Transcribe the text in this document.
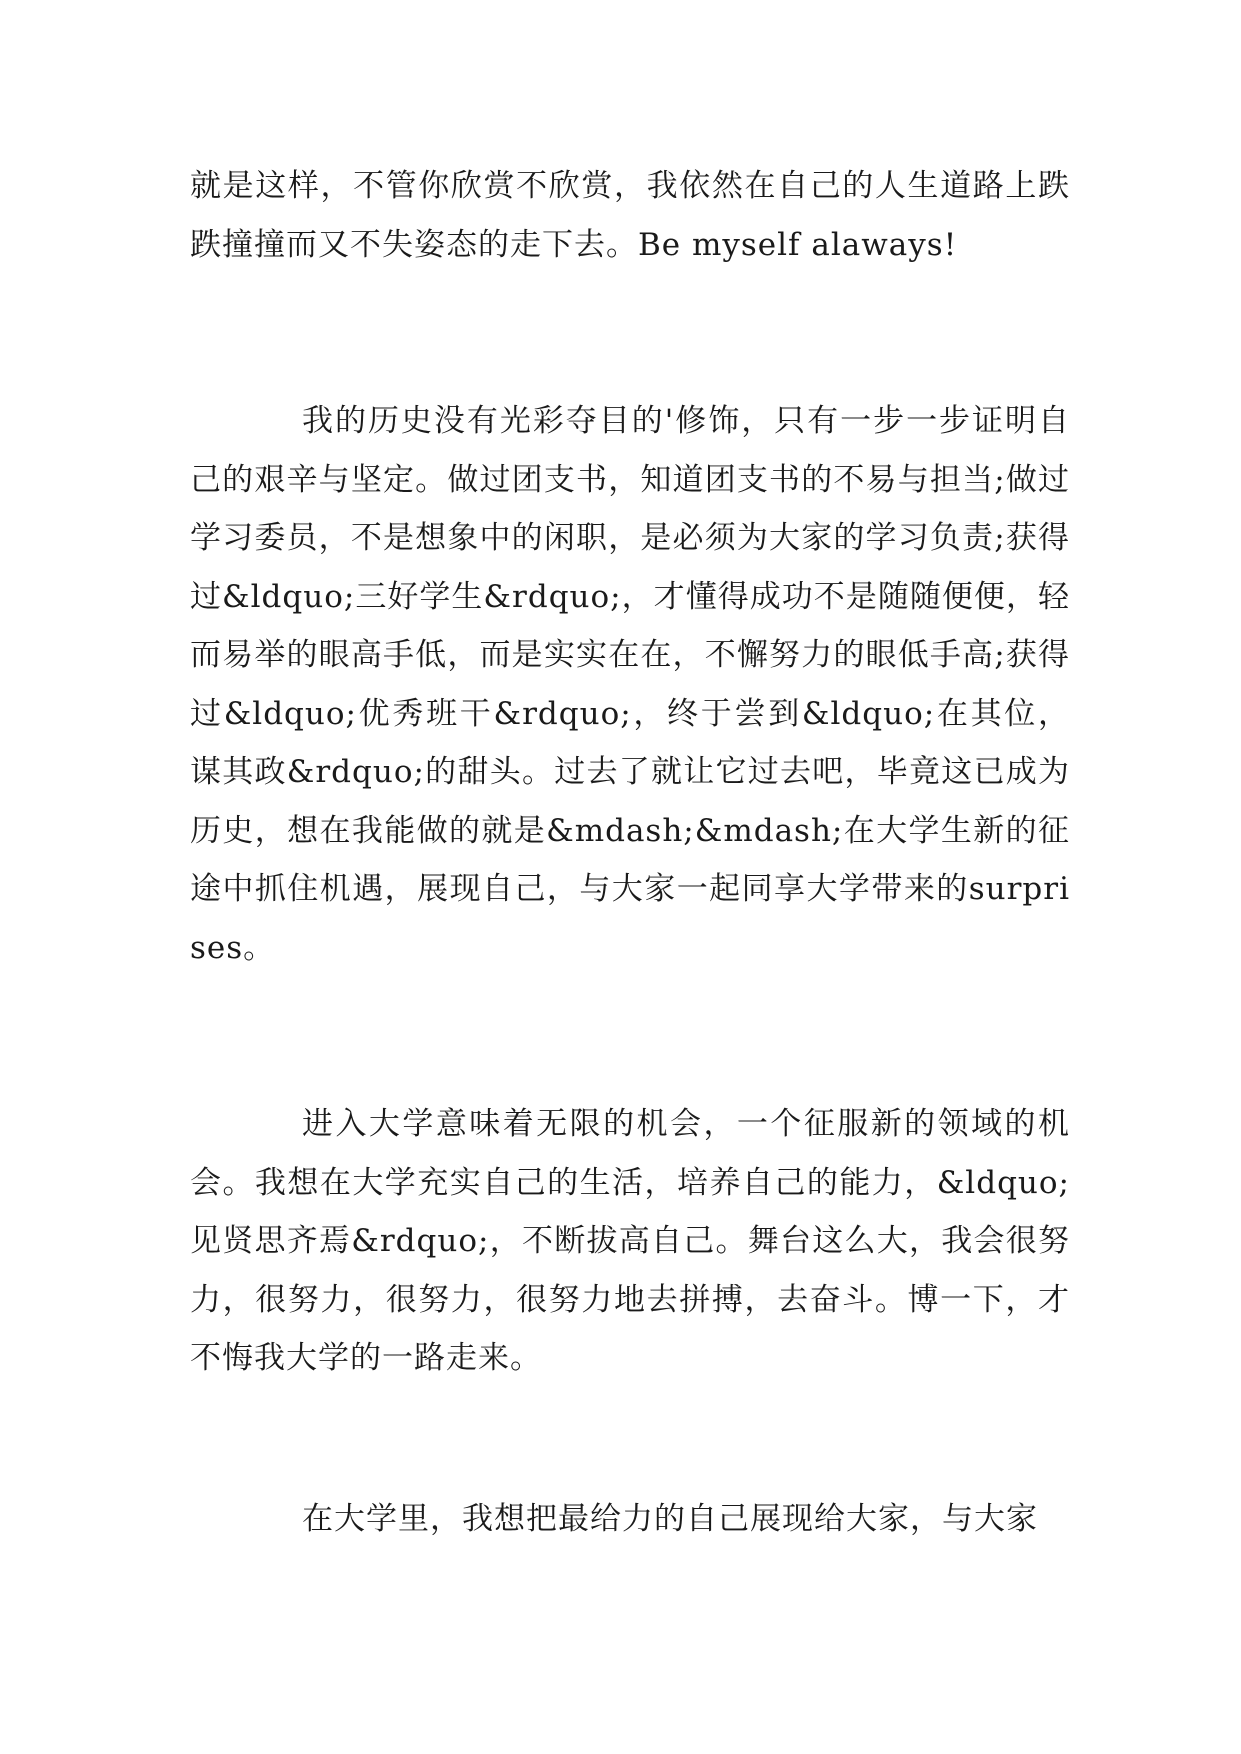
就是这样，不管你欣赏不欣赏，我依然在自己的人生道路上跌跌撞撞而又不失姿态的走下去。Be myself alaways!

我的历史没有光彩夺目的'修饰，只有一步一步证明自己的艰辛与坚定。做过团支书，知道团支书的不易与担当;做过学习委员，不是想象中的闲职，是必须为大家的学习负责;获得过&ldquo;三好学生&rdquo;，才懂得成功不是随随便便，轻而易举的眼高手低，而是实实在在，不懈努力的眼低手高;获得过&ldquo;优秀班干&rdquo;，终于尝到&ldquo;在其位，谋其政&rdquo;的甜头。过去了就让它过去吧，毕竟这已成为历史，想在我能做的就是&mdash;&mdash;在大学生新的征途中抓住机遇，展现自己，与大家一起同享大学带来的surprises。

进入大学意味着无限的机会，一个征服新的领域的机会。我想在大学充实自己的生活，培养自己的能力，&ldquo;见贤思齐焉&rdquo;，不断拔高自己。舞台这么大，我会很努力，很努力，很努力，很努力地去拼搏，去奋斗。博一下，才不悔我大学的一路走来。

在大学里，我想把最给力的自己展现给大家，与大家
